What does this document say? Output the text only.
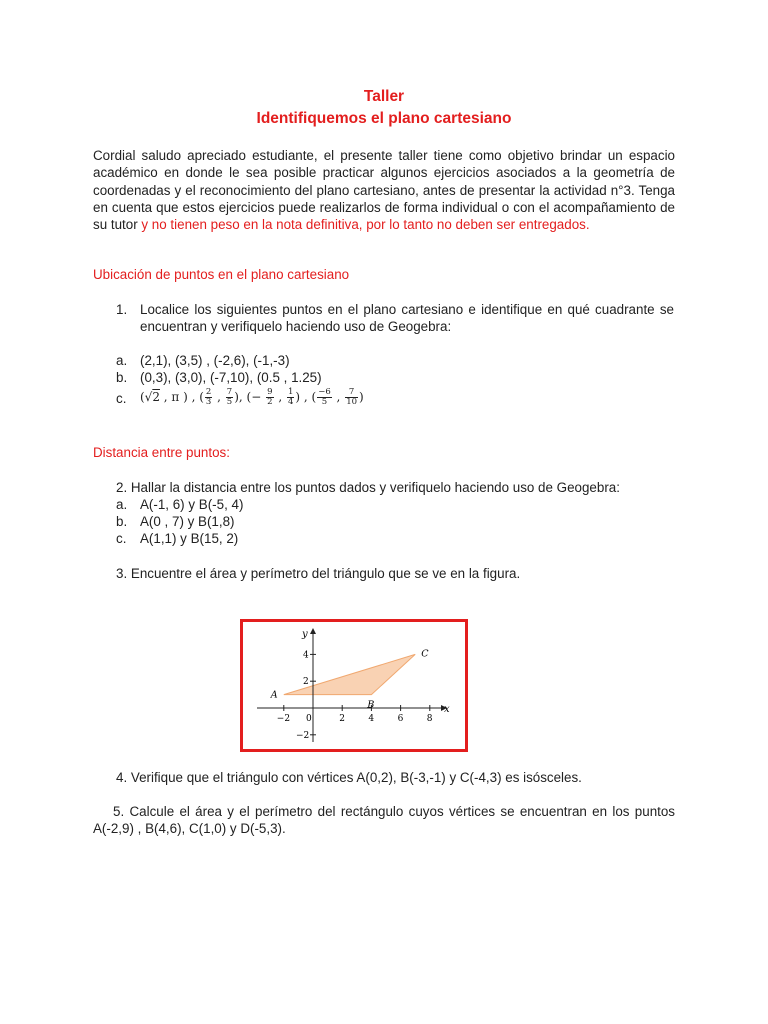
Taller
Identifiquemos el plano cartesiano
Cordial saludo apreciado estudiante, el presente taller tiene como objetivo brindar un espacio académico en donde le sea posible practicar algunos ejercicios asociados a la geometría de coordenadas y el reconocimiento del plano cartesiano, antes de presentar la actividad n°3. Tenga en cuenta que estos ejercicios puede realizarlos de forma individual o con el acompañamiento de su tutor y no tienen peso en la nota definitiva, por lo tanto no deben ser entregados.
Ubicación de puntos en el plano cartesiano
1. Localice los siguientes puntos en el plano cartesiano e identifique en qué cuadrante se encuentran y verifiquelo haciendo uso de Geogebra:
a. (2,1), (3,5) , (-2,6), (-1,-3)
b. (0,3), (3,0), (-7,10), (0.5 , 1.25)
c. (√2 , π ) , ( $\frac{2}{3}$ , $\frac{7}{5}$ ), (− $\frac{9}{2}$ , $\frac{1}{4}$ ) , ( $\frac{-6}{5}$ , $\frac{7}{10}$ )
Distancia entre puntos:
2. Hallar la distancia entre los puntos dados y verifiquelo haciendo uso de Geogebra:
a. A(-1, 6) y B(-5, 4)
b. A(0 , 7) y B(1,8)
c. A(1,1) y B(15, 2)
3. Encuentre el área y perímetro del triángulo que se ve en la figura.
−2 0	2	4	6	8
4
2
−2
x
y
A
B
C
4. Verifique que el triángulo con vértices A(0,2), B(-3,-1) y C(-4,3) es isósceles.
5. Calcule el área y el perímetro del rectángulo cuyos vértices se encuentran en los puntos A(-2,9) , B(4,6), C(1,0) y D(-5,3).
